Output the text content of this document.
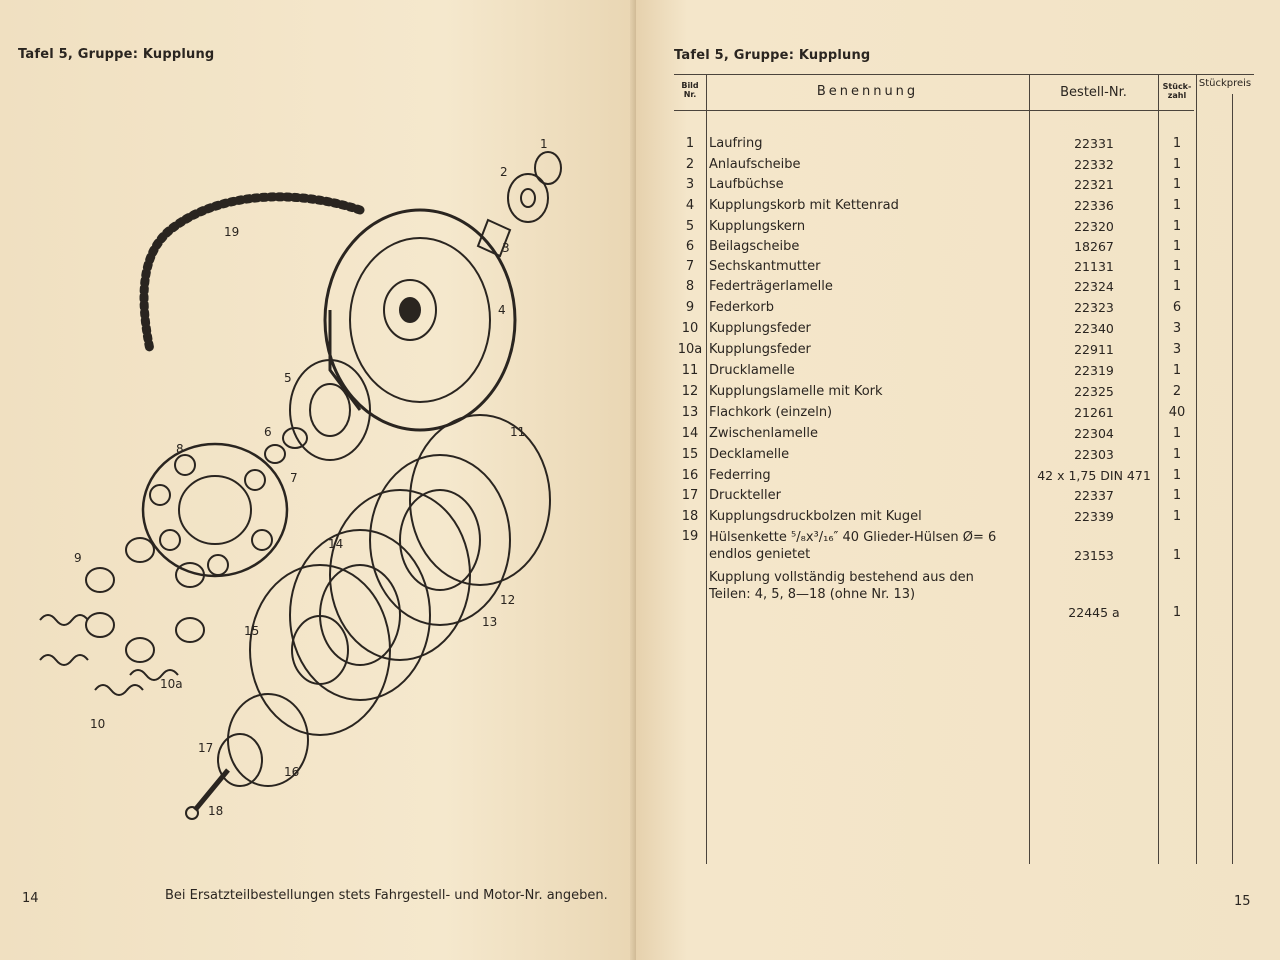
Tafel 5, Gruppe: Kupplung
1
2
3
4
5
6
7
8
9
10
10a
11
12
13
14
15
16
17
18
19
14	Bei Ersatzteilbestellungen stets Fahrgestell- und Motor-Nr. angeben.
Tafel 5, Gruppe: Kupplung
Bild
Nr.	Benennung	Bestell-Nr.	Stück-
zahl
Stückpreis
1	Laufring	22331	1
2	Anlaufscheibe	22332	1
3	Laufbüchse	22321	1
4	Kupplungskorb mit Kettenrad	22336	1
5	Kupplungskern	22320	1
6	Beilagscheibe	18267	1
7	Sechskantmutter	21131	1
8	Federträgerlamelle	22324	1
9	Federkorb	22323	6
10 Kupplungsfeder	22340	3
10a Kupplungsfeder	22911	3
11 Drucklamelle	22319	1
12 Kupplungslamelle mit Kork	22325	2
13 Flachkork (einzeln)	21261	40
14 Zwischenlamelle	22304	1
15 Decklamelle	22303	1
16 Federring	42 x 1,75 DIN 471	1
17 Druckteller	22337	1
18 Kupplungsdruckbolzen mit Kugel	22339	1
19 Hülsenkette ⁵/₈x³/₁₆″ 40 Glieder-Hülsen Ø= 6 endlos genietet	23153	1
Kupplung vollständig bestehend aus den Teilen: 4, 5, 8—18 (ohne Nr. 13)
22445 a	1
15
